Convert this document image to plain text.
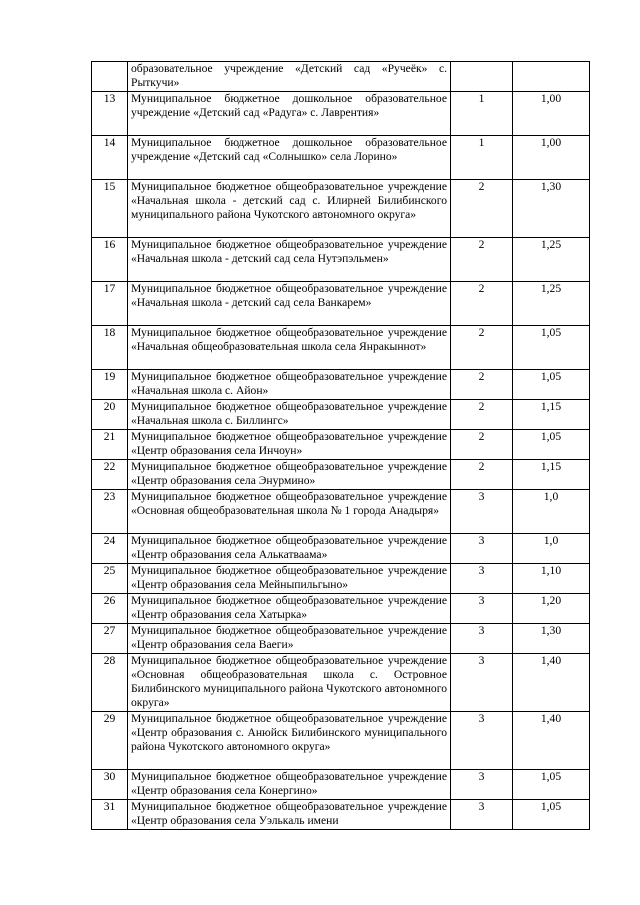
	образовательное учреждение «Детский сад «Ручеёк» с. Рыткучи»		
13	Муниципальное бюджетное дошкольное образовательное учреждение «Детский сад «Радуга» с. Лаврентия»	1	1,00
14	Муниципальное бюджетное дошкольное образовательное учреждение «Детский сад «Солнышко» села Лорино»	1	1,00
15	Муниципальное бюджетное общеобразовательное учреждение «Начальная школа - детский сад с. Илирней Билибинского муниципального района Чукотского автономного округа»	2	1,30
16	Муниципальное бюджетное общеобразовательное учреждение «Начальная школа - детский сад села Нутэпэльмен»	2	1,25
17	Муниципальное бюджетное общеобразовательное учреждение «Начальная школа - детский сад села Ванкарем»	2	1,25
18	Муниципальное бюджетное общеобразовательное учреждение «Начальная общеобразовательная школа села Янракыннот»	2	1,05
19	Муниципальное бюджетное общеобразовательное учреждение «Начальная школа с. Айон»	2	1,05
20	Муниципальное бюджетное общеобразовательное учреждение «Начальная школа с. Биллингс»	2	1,15
21	Муниципальное бюджетное общеобразовательное учреждение «Центр образования села Инчоун»	2	1,05
22	Муниципальное бюджетное общеобразовательное учреждение «Центр образования села Энурмино»	2	1,15
23	Муниципальное бюджетное общеобразовательное учреждение «Основная общеобразовательная школа № 1 города Анадыря»	3	1,0
24	Муниципальное бюджетное общеобразовательное учреждение «Центр образования села Алькатваама»	3	1,0
25	Муниципальное бюджетное общеобразовательное учреждение «Центр образования села Мейныпильгыно»	3	1,10
26	Муниципальное бюджетное общеобразовательное учреждение «Центр образования села Хатырка»	3	1,20
27	Муниципальное бюджетное общеобразовательное учреждение «Центр образования села Ваеги»	3	1,30
28	Муниципальное бюджетное общеобразовательное учреждение «Основная общеобразовательная школа с. Островное Билибинского муниципального района Чукотского автономного округа»	3	1,40
29	Муниципальное бюджетное общеобразовательное учреждение «Центр образования с. Анюйск Билибинского муниципального района Чукотского автономного округа»	3	1,40
30	Муниципальное бюджетное общеобразовательное учреждение «Центр образования села Конергино»	3	1,05
31	Муниципальное бюджетное общеобразовательное учреждение «Центр образования села Уэлькаль имени	3	1,05
